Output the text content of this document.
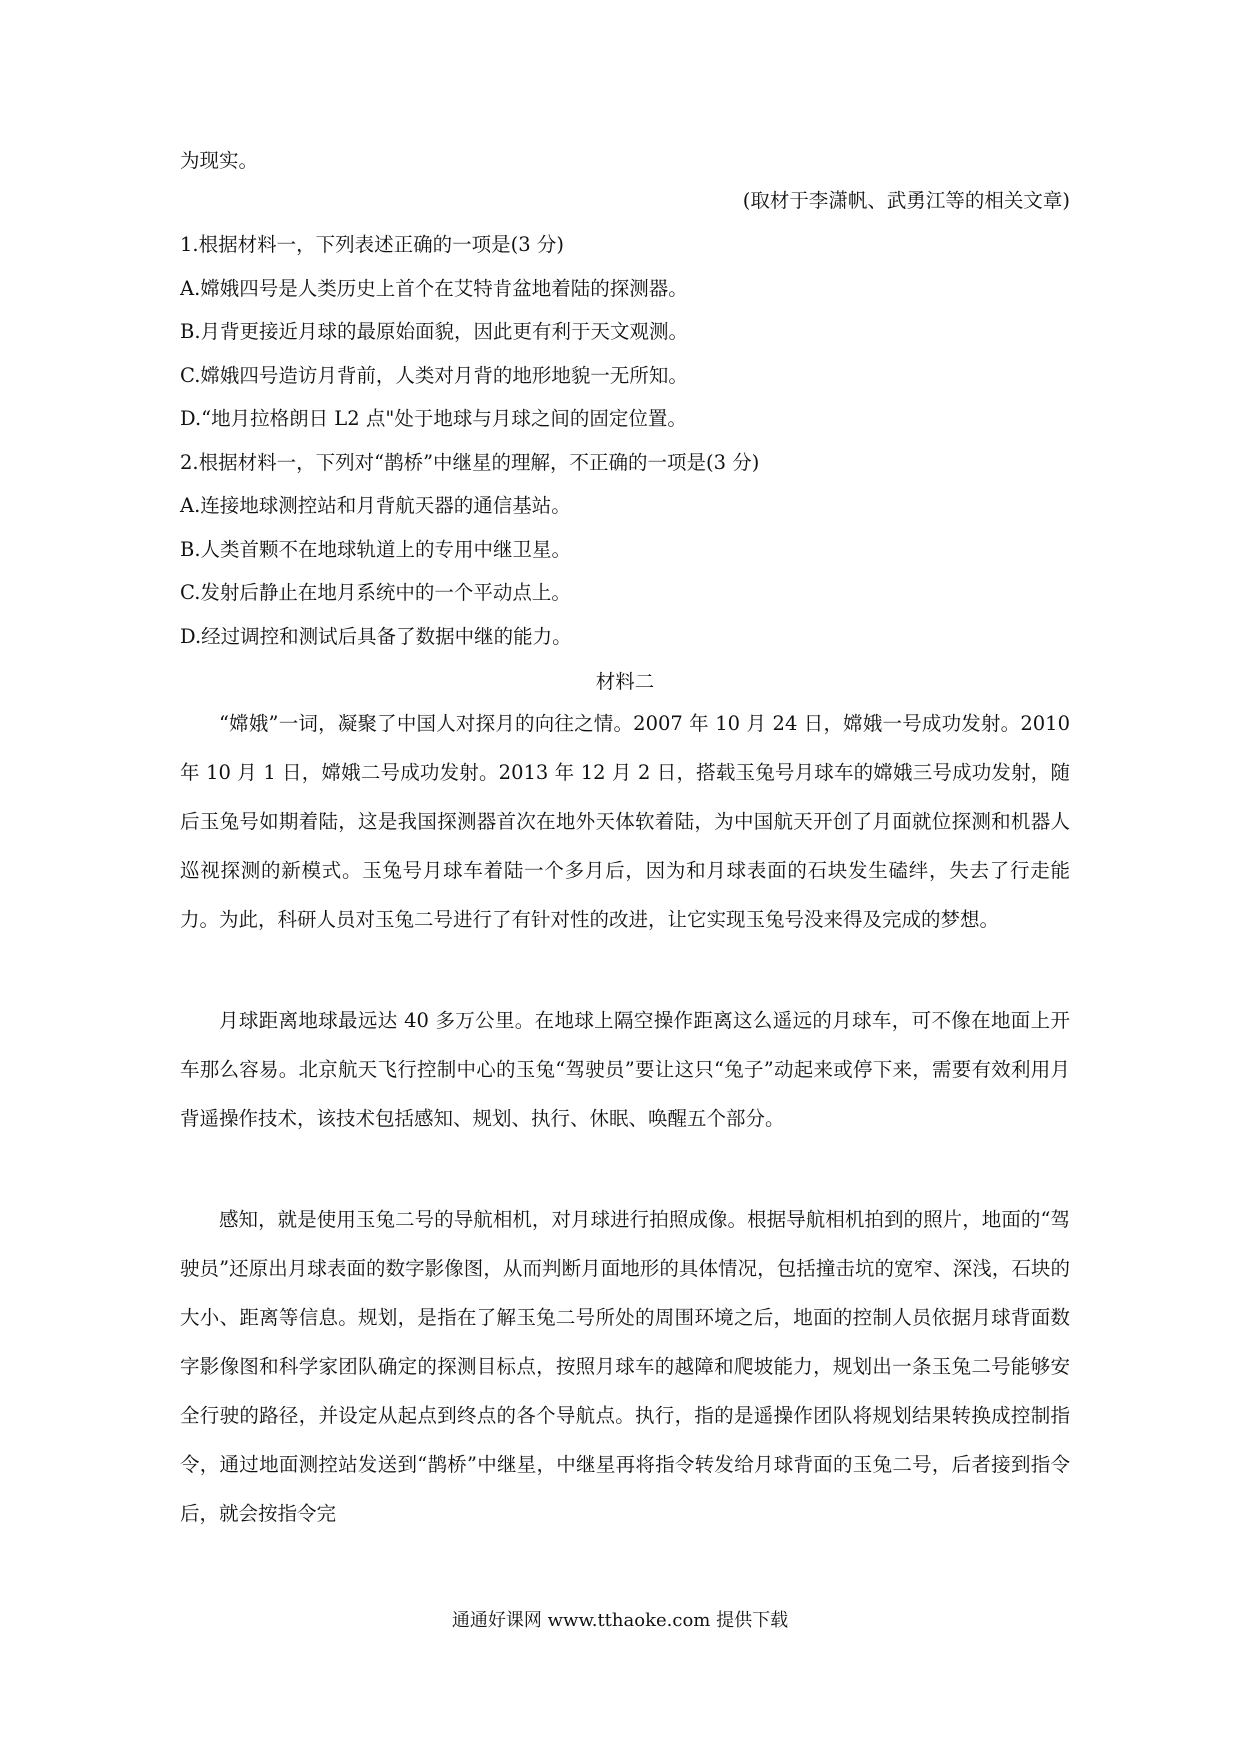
为现实。
(取材于李潇帆、武勇江等的相关文章)
1.根据材料一，下列表述正确的一项是(3 分)
A.嫦娥四号是人类历史上首个在艾特肯盆地着陆的探测器。
B.月背更接近月球的最原始面貌，因此更有利于天文观测。
C.嫦娥四号造访月背前，人类对月背的地形地貌一无所知。
D.“地月拉格朗日 L2 点"处于地球与月球之间的固定位置。
2.根据材料一，下列对“鹊桥”中继星的理解，不正确的一项是(3 分)
A.连接地球测控站和月背航天器的通信基站。
B.人类首颗不在地球轨道上的专用中继卫星。
C.发射后静止在地月系统中的一个平动点上。
D.经过调控和测试后具备了数据中继的能力。
材料二

“嫦娥”一词，凝聚了中国人对探月的向往之情。2007 年 10 月 24 日，嫦娥一号成功发射。2010 年 10 月 1 日，嫦娥二号成功发射。2013 年 12 月 2 日，搭载玉兔号月球车的嫦娥三号成功发射，随后玉兔号如期着陆，这是我国探测器首次在地外天体软着陆，为中国航天开创了月面就位探测和机器人巡视探测的新模式。玉兔号月球车着陆一个多月后，因为和月球表面的石块发生磕绊，失去了行走能力。为此，科研人员对玉兔二号进行了有针对性的改进，让它实现玉兔号没来得及完成的梦想。

月球距离地球最远达 40 多万公里。在地球上隔空操作距离这么遥远的月球车，可不像在地面上开车那么容易。北京航天飞行控制中心的玉兔“驾驶员”要让这只“兔子”动起来或停下来，需要有效利用月背遥操作技术，该技术包括感知、规划、执行、休眠、唤醒五个部分。

感知，就是使用玉兔二号的导航相机，对月球进行拍照成像。根据导航相机拍到的照片，地面的“驾驶员”还原出月球表面的数字影像图，从而判断月面地形的具体情况，包括撞击坑的宽窄、深浅，石块的大小、距离等信息。规划，是指在了解玉兔二号所处的周围环境之后，地面的控制人员依据月球背面数字影像图和科学家团队确定的探测目标点，按照月球车的越障和爬坡能力，规划出一条玉兔二号能够安全行驶的路径，并设定从起点到终点的各个导航点。执行，指的是遥操作团队将规划结果转换成控制指令，通过地面测控站发送到“鹊桥”中继星，中继星再将指令转发给月球背面的玉兔二号，后者接到指令后，就会按指令完

通通好课网 www.tthaoke.com 提供下载
